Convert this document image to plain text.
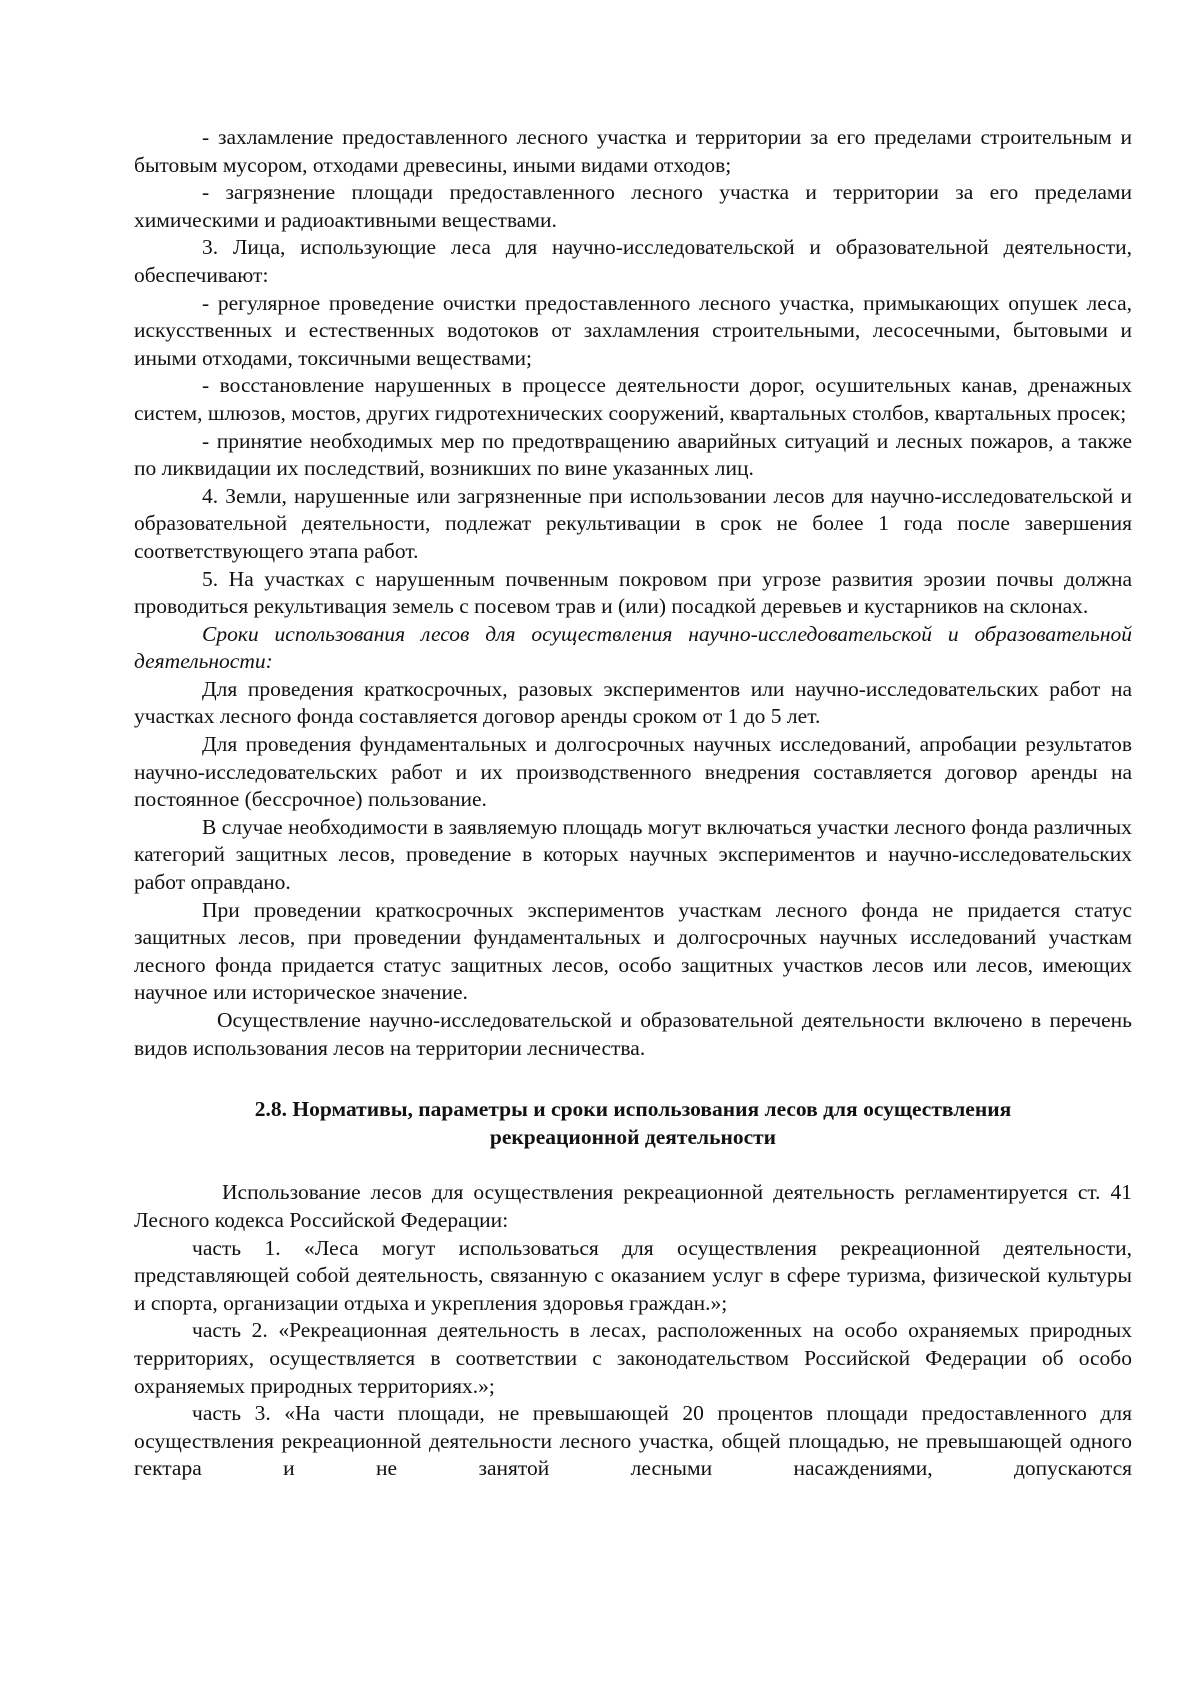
- захламление предоставленного лесного участка и территории за его пределами строительным и бытовым мусором, отходами древесины, иными видами отходов;

- загрязнение площади предоставленного лесного участка и территории за его пределами химическими и радиоактивными веществами.

3. Лица, использующие леса для научно-исследовательской и образовательной деятельности, обеспечивают:

- регулярное проведение очистки предоставленного лесного участка, примыкающих опушек леса, искусственных и естественных водотоков от захламления строительными, лесосечными, бытовыми и иными отходами, токсичными веществами;

- восстановление нарушенных в процессе деятельности дорог, осушительных канав, дренажных систем, шлюзов, мостов, других гидротехнических сооружений, квартальных столбов, квартальных просек;

- принятие необходимых мер по предотвращению аварийных ситуаций и лесных пожаров, а также по ликвидации их последствий, возникших по вине указанных лиц.

4. Земли, нарушенные или загрязненные при использовании лесов для научно-исследовательской и образовательной деятельности, подлежат рекультивации в срок не более 1 года после завершения соответствующего этапа работ.

5. На участках с нарушенным почвенным покровом при угрозе развития эрозии почвы должна проводиться рекультивация земель с посевом трав и (или) посадкой деревьев и кустарников на склонах.

Сроки использования лесов для осуществления научно-исследовательской и образовательной деятельности:

Для проведения краткосрочных, разовых экспериментов или научно-исследовательских работ на участках лесного фонда составляется договор аренды сроком от 1 до 5 лет.

Для проведения фундаментальных и долгосрочных научных исследований, апробации результатов научно-исследовательских работ и их производственного внедрения составляется договор аренды на постоянное (бессрочное) пользование.

В случае необходимости в заявляемую площадь могут включаться участки лесного фонда различных категорий защитных лесов, проведение в которых научных экспериментов и научно-исследовательских работ оправдано.

При проведении краткосрочных экспериментов участкам лесного фонда не придается статус защитных лесов, при проведении фундаментальных и долгосрочных научных исследований участкам лесного фонда придается статус защитных лесов, особо защитных участков лесов или лесов, имеющих научное или историческое значение.

Осуществление научно-исследовательской и образовательной деятельности включено в перечень видов использования лесов на территории лесничества.

2.8. Нормативы, параметры и сроки использования лесов для осуществления
рекреационной деятельности

Использование лесов для осуществления рекреационной деятельность регламентируется ст. 41 Лесного кодекса Российской Федерации:

часть 1. «Леса могут использоваться для осуществления рекреационной деятельности, представляющей собой деятельность, связанную с оказанием услуг в сфере туризма, физической культуры и спорта, организации отдыха и укрепления здоровья граждан.»;

часть 2. «Рекреационная деятельность в лесах, расположенных на особо охраняемых природных территориях, осуществляется в соответствии с законодательством Российской Федерации об особо охраняемых природных территориях.»;

часть 3. «На части площади, не превышающей 20 процентов площади предоставленного для осуществления рекреационной деятельности лесного участка, общей площадью, не превышающей одного гектара и не занятой лесными насаждениями, допускаются
